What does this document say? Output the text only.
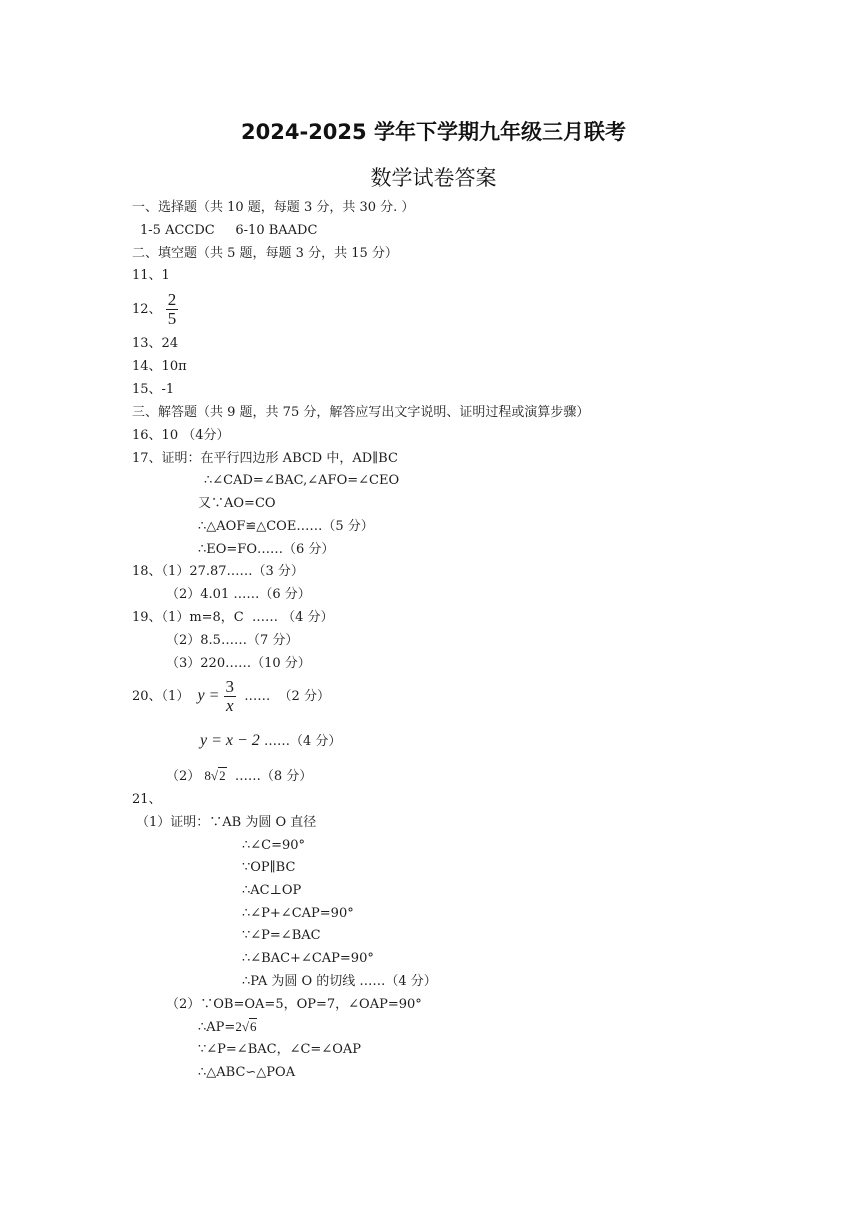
2024-2025 学年下学期九年级三月联考
数学试卷答案
一、选择题（共 10 题，每题 3 分，共 30 分. ）
1-5 ACCDC     6-10 BAADC
二、填空题（共 5 题，每题 3 分，共 15 分）
11、1
12、 $\frac{2}{5}$
13、24
14、10π
15、-1
三、解答题（共 9 题，共 75 分，解答应写出文字说明、证明过程或演算步骤）
16、10 （4分）
17、证明：在平行四边形 ABCD 中，AD∥BC
∴∠CAD=∠BAC,∠AFO=∠CEO
又∵AO=CO
∴△AOF≌△COE……（5 分）
∴EO=FO……（6 分）
18、（1）27.87……（3 分）
（2）4.01 ……（6 分）
19、（1）m=8，C  …… （4 分）
（2）8.5……（7 分）
（3）220……（10 分）
20、（1） $y = \frac{3}{x}$ ……  （2 分）
y = x − 2 ……（4 分）
（2） 8√2  ……（8 分）
21、
（1）证明：∵AB 为圆 O 直径
∴∠C=90°
∵OP∥BC
∴AC⊥OP
∴∠P+∠CAP=90°
∵∠P=∠BAC
∴∠BAC+∠CAP=90°
∴PA 为圆 O 的切线 ……（4 分）
（2）∵OB=OA=5，OP=7，∠OAP=90°
∴AP=2√6
∵∠P=∠BAC，∠C=∠OAP
∴△ABC∽△POA
